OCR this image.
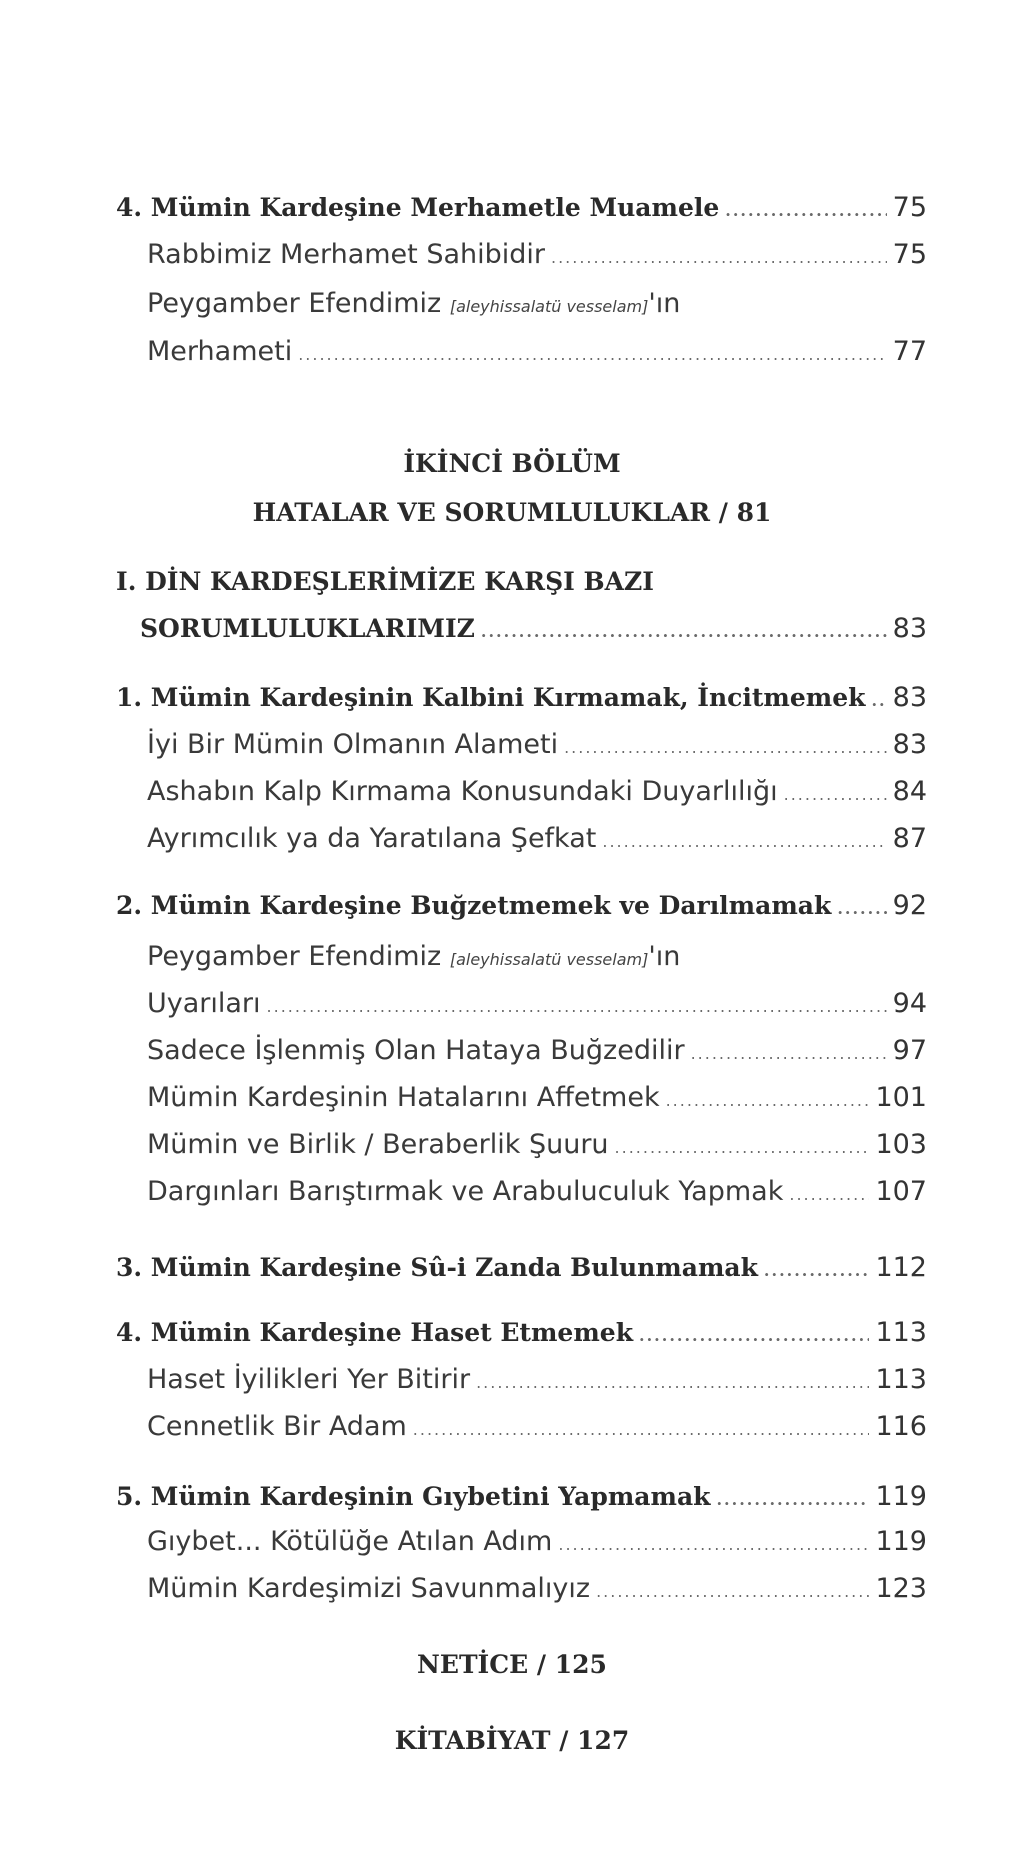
4. Mümin Kardeşine Merhametle Muamele .....	75
Rabbimiz Merhamet Sahibidir .....	75
Peygamber Efendimiz [aleyhissalatü vesselam]'ın
Merhameti .....	77
İKİNCİ BÖLÜM
HATALAR VE SORUMLULUKLAR / 81
I. DİN KARDEŞLERİMİZE KARŞI BAZI
SORUMLULUKLARIMIZ .....	83
1. Mümin Kardeşinin Kalbini Kırmamak, İncitmemek ..... 83
İyi Bir Mümin Olmanın Alameti .....	83
Ashabın Kalp Kırmama Konusundaki Duyarlılığı .....	84
Ayrımcılık ya da Yaratılana Şefkat .....	87
2. Mümin Kardeşine Buğzetmemek ve Darılmamak ..... 92
Peygamber Efendimiz [aleyhissalatü vesselam]'ın
Uyarıları .....	94
Sadece İşlenmiş Olan Hataya Buğzedilir .....	97
Mümin Kardeşinin Hatalarını Affetmek .....	101
Mümin ve Birlik / Beraberlik Şuuru .....	103
Dargınları Barıştırmak ve Arabuluculuk Yapmak .....	107
3. Mümin Kardeşine Sû-i Zanda Bulunmamak .....	112
4. Mümin Kardeşine Haset Etmemek .....	113
Haset İyilikleri Yer Bitirir .....	113
Cennetlik Bir Adam .....	116
5. Mümin Kardeşinin Gıybetini Yapmamak .....	119
Gıybet... Kötülüğe Atılan Adım .....	119
Mümin Kardeşimizi Savunmalıyız .....	123
NETİCE / 125
KİTABİYAT / 127
